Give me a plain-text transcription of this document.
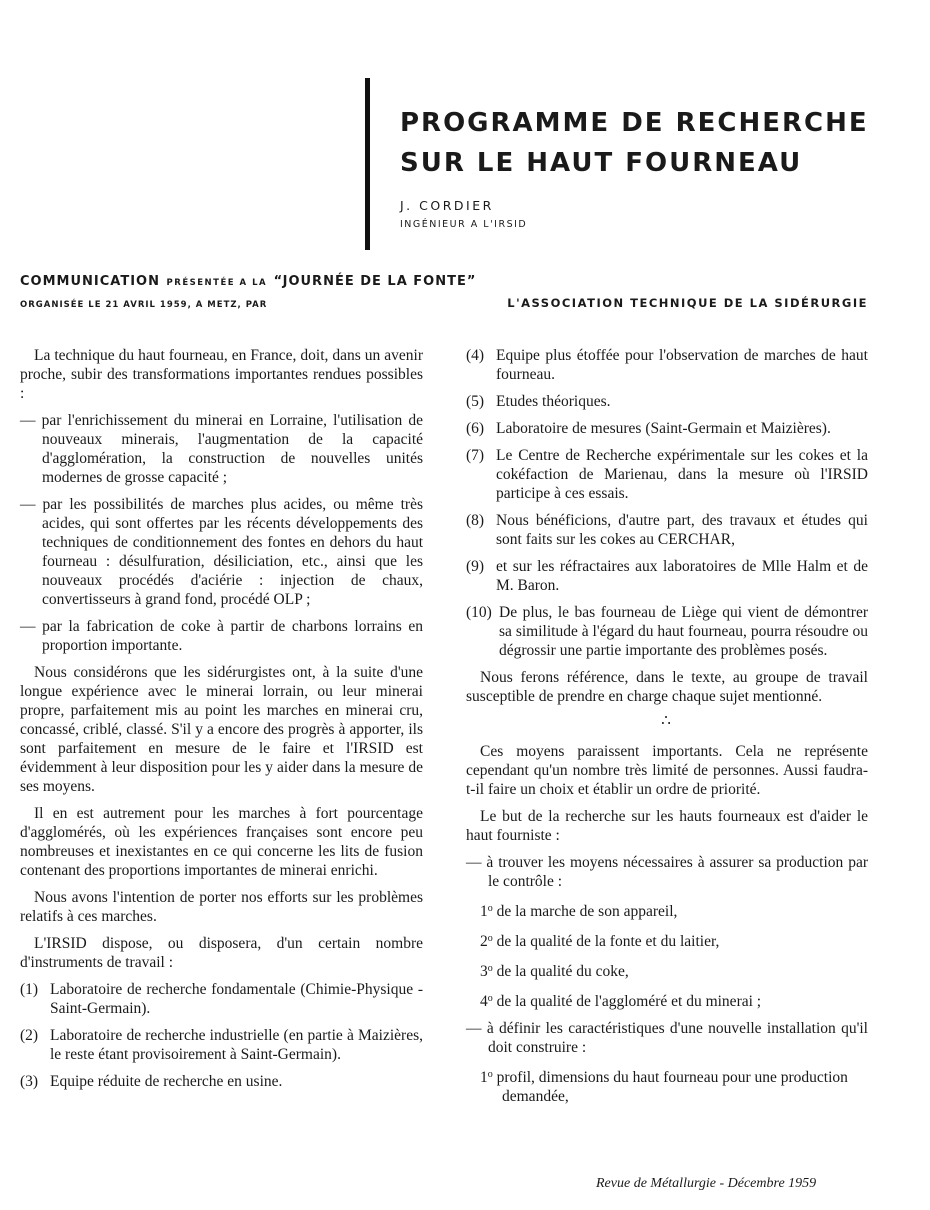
PROGRAMME DE RECHERCHE
SUR LE HAUT FOURNEAU
J. CORDIER
INGÉNIEUR A L'IRSID
COMMUNICATION PRÉSENTÉE A LA “JOURNÉE DE LA FONTE”
ORGANISÉE LE 21 AVRIL 1959, A METZ, PAR	L'ASSOCIATION TECHNIQUE DE LA SIDÉRURGIE

La technique du haut fourneau, en France, doit, dans un avenir proche, subir des transformations importantes rendues possibles :

— par l'enrichissement du minerai en Lorraine, l'utilisation de nouveaux minerais, l'augmentation de la capacité d'agglomération, la construction de nouvelles unités modernes de grosse capacité ;

— par les possibilités de marches plus acides, ou même très acides, qui sont offertes par les récents développements des techniques de conditionnement des fontes en dehors du haut fourneau : désulfuration, désiliciation, etc., ainsi que les nouveaux procédés d'aciérie : injection de chaux, convertisseurs à grand fond, procédé OLP ;

— par la fabrication de coke à partir de charbons lorrains en proportion importante.

Nous considérons que les sidérurgistes ont, à la suite d'une longue expérience avec le minerai lorrain, ou leur minerai propre, parfaitement mis au point les marches en minerai cru, concassé, criblé, classé. S'il y a encore des progrès à apporter, ils sont parfaitement en mesure de le faire et l'IRSID est évidemment à leur disposition pour les y aider dans la mesure de ses moyens.

Il en est autrement pour les marches à fort pourcentage d'agglomérés, où les expériences françaises sont encore peu nombreuses et inexistantes en ce qui concerne les lits de fusion contenant des proportions importantes de minerai enrichi.

Nous avons l'intention de porter nos efforts sur les problèmes relatifs à ces marches.

L'IRSID dispose, ou disposera, d'un certain nombre d'instruments de travail :

(1) Laboratoire de recherche fondamentale (Chimie-Physique - Saint-Germain).
(2) Laboratoire de recherche industrielle (en partie à Maizières, le reste étant provisoirement à Saint-Germain).
(3) Equipe réduite de recherche en usine.
(4) Equipe plus étoffée pour l'observation de marches de haut fourneau.
(5) Etudes théoriques.
(6) Laboratoire de mesures (Saint-Germain et Maizières).
(7) Le Centre de Recherche expérimentale sur les cokes et la cokéfaction de Marienau, dans la mesure où l'IRSID participe à ces essais.
(8) Nous bénéficions, d'autre part, des travaux et études qui sont faits sur les cokes au CERCHAR,
(9) et sur les réfractaires aux laboratoires de Mlle Halm et de M. Baron.
(10) De plus, le bas fourneau de Liège qui vient de démontrer sa similitude à l'égard du haut fourneau, pourra résoudre ou dégrossir une partie importante des problèmes posés.

Nous ferons référence, dans le texte, au groupe de travail susceptible de prendre en charge chaque sujet mentionné.

∴

Ces moyens paraissent importants. Cela ne représente cependant qu'un nombre très limité de personnes. Aussi faudra-t-il faire un choix et établir un ordre de priorité.

Le but de la recherche sur les hauts fourneaux est d'aider le haut fourniste :

— à trouver les moyens nécessaires à assurer sa production par le contrôle :

1$^o$ de la marche de son appareil,

2$^o$ de la qualité de la fonte et du laitier,

3$^o$ de la qualité du coke,

4$^o$ de la qualité de l'aggloméré et du minerai ;

— à définir les caractéristiques d'une nouvelle installation qu'il doit construire :

1$^o$ profil, dimensions du haut fourneau pour une production demandée,

Revue de Métallurgie - Décembre 1959
